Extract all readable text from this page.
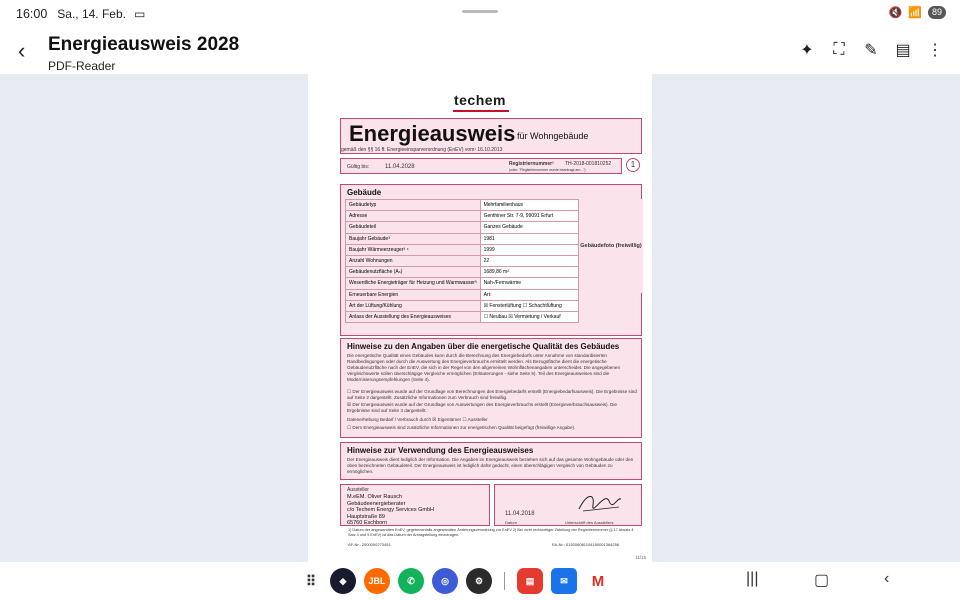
16:00 Sa., 14. Feb. ▭	🔇 📶	89
‹	Energieausweis 2028
PDF-Reader
✦ ⛶ ✎ ▤ ⋮
techem
Energieausweis für Wohngebäude
gemäß den §§ 16 ff. Energieeinsparverordnung (EnEV) vom¹ 16.10.2013
Gültig bis:	11.04.2028	Registriernummer² TH-2018-001810252
(oder: "Registriernummer wurde beantragt am...")
1
Gebäude
Gebäudetyp	Mehrfamilienhaus
Adresse	Genthiner Str. 7-9, 99091 Erfurt
Gebäudeteil	Ganzes Gebäude
Baujahr Gebäude³	1981
Baujahr Wärmeerzeuger³ ⁴	1999
Anzahl Wohnungen	22
Gebäudenutzfläche (Aₙ)	1689,86 m²
Wesentliche Energieträger für Heizung und Warmwasser³	Nah-/Fernwärme
Erneuerbare Energien	Art:
Art der Lüftung/Kühlung	☒ Fensterlüftung ☐ Schachtlüftung
Anlass der Ausstellung des Energieausweises	☐ Neubau ☒ Vermietung / Verkauf
Gebäudefoto (freiwillig)
Hinweise zu den Angaben über die energetische Qualität des Gebäudes
Die energetische Qualität eines Gebäudes kann durch die Berechnung des Energiebedarfs unter Annahme von standardisierten Randbedingungen oder durch die Auswertung des Energieverbrauchs ermittelt werden. Als Bezugsfläche dient die energetische Gebäudenutzfläche nach der EnEV, die sich in der Regel von den allgemeinen Wohnflächenangaben unterscheidet. Die angegebenen Vergleichswerte sollen überschlägige Vergleiche ermöglichen (Erläuterungen - siehe Seite 5). Teil des Energieausweises sind die Modernisierungsempfehlungen (Seite 4).
☐ Der Energieausweis wurde auf der Grundlage von Berechnungen des Energiebedarfs erstellt (Energiebedarfsausweis). Die Ergebnisse sind auf Seite 2 dargestellt. Zusätzliche Informationen zum Verbrauch sind freiwillig.
☒ Der Energieausweis wurde auf der Grundlage von Auswertungen des Energieverbrauchs erstellt (Energieverbrauchsausweis). Die Ergebnisse sind auf Seite 3 dargestellt.
Datenerhebung Bedarf / Verbrauch durch ☒ Eigentümer ☐ Aussteller
☐ Dem Energieausweis sind zusätzliche Informationen zur energetischen Qualität beigefügt (freiwillige Angabe).
Hinweise zur Verwendung des Energieausweises
Der Energieausweis dient lediglich der Information. Die Angaben im Energieausweis beziehen sich auf das gesamte Wohngebäude oder den oben bezeichneten Gebäudeteil. Der Energieausweis ist lediglich dafür gedacht, einen überschlägigen Vergleich von Gebäuden zu ermöglichen.
Aussteller
M.eEM. Oliver Rausch
Gebäudeenergieberater
c/o Techem Energy Services GmbH
Hauptstraße 89
65760 Eschborn
11.04.2018
Datum	Unterschrift des Ausstellers
1) Datum der angewandten EnEV, gegebenenfalls angewandten Änderungsverordnung zur EnEV 2) Bei nicht rechtzeitiger Zuteilung der Registriernummer (§ 17 Absatz 4 Satz 4 und 5 EnEV) ist das Datum der Antragstellung einzutragen.
AF-Nr.: 2000000273451	EA-Nr.: 015206081104180001364256
11/15
⠿	◆	JBL	✆	◎	⚙	▤	✉	M	|||	▢	‹
